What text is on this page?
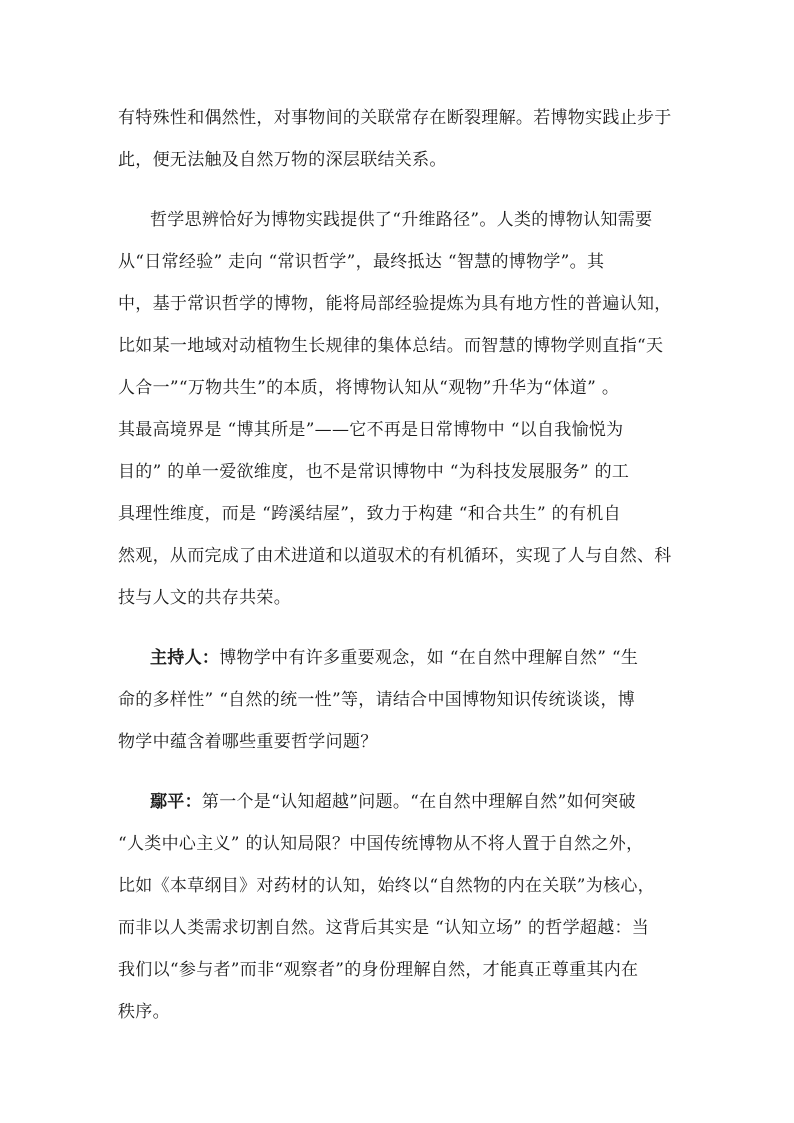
有特殊性和偶然性，对事物间的关联常存在断裂理解。若博物实践止步于
此，便无法触及自然万物的深层联结关系。
哲学思辨恰好为博物实践提供了“升维路径”。人类的博物认知需要
从“日常经验” 走向 “常识哲学”，最终抵达 “智慧的博物学”。其
中，基于常识哲学的博物，能将局部经验提炼为具有地方性的普遍认知，
比如某一地域对动植物生长规律的集体总结。而智慧的博物学则直指“天
人合一”“万物共生”的本质，将博物认知从“观物”升华为“体道” 。
其最高境界是 “博其所是”——它不再是日常博物中 “以自我愉悦为
目的” 的单一爱欲维度，也不是常识博物中 “为科技发展服务” 的工
具理性维度，而是 “跨溪结屋”，致力于构建 “和合共生” 的有机自
然观，从而完成了由术进道和以道驭术的有机循环，实现了人与自然、科
技与人文的共存共荣。
主持人：博物学中有许多重要观念，如 “在自然中理解自然” “生
命的多样性” “自然的统一性”等，请结合中国博物知识传统谈谈，博
物学中蕴含着哪些重要哲学问题？
鄢平：第一个是“认知超越”问题。“在自然中理解自然”如何突破
“人类中心主义” 的认知局限？中国传统博物从不将人置于自然之外，
比如《本草纲目》对药材的认知，始终以“自然物的内在关联”为核心，
而非以人类需求切割自然。这背后其实是 “认知立场” 的哲学超越：当
我们以“参与者”而非“观察者”的身份理解自然，才能真正尊重其内在
秩序。
